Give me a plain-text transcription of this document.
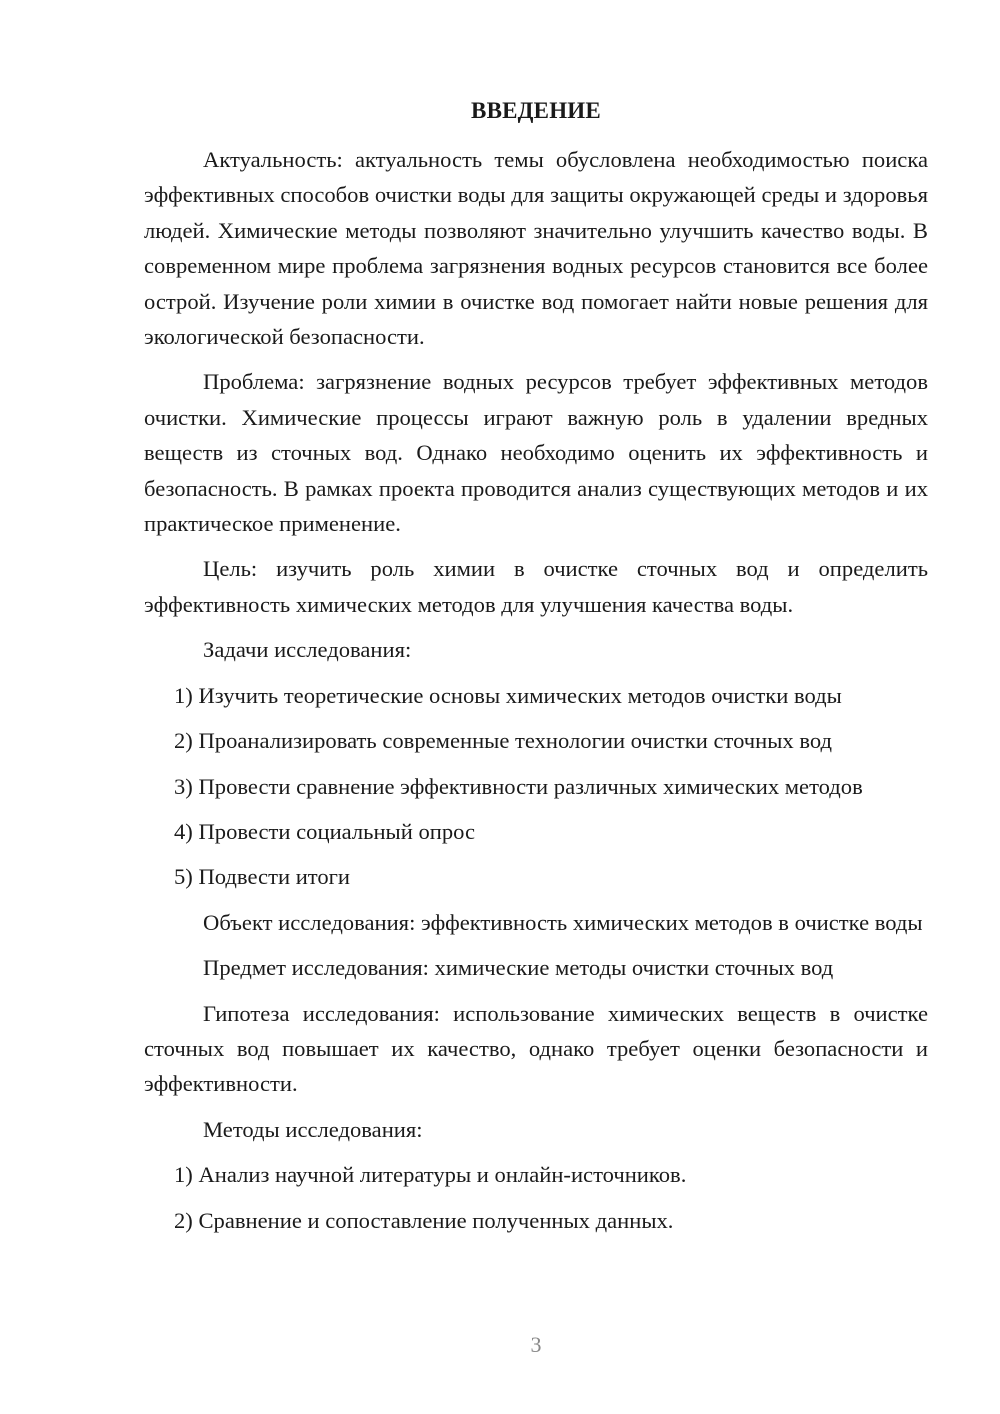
ВВЕДЕНИЕ

Актуальность: актуальность темы обусловлена необходимостью поиска эффективных способов очистки воды для защиты окружающей среды и здоровья людей. Химические методы позволяют значительно улучшить качество воды. В современном мире проблема загрязнения водных ресурсов становится все более острой. Изучение роли химии в очистке вод помогает найти новые решения для экологической безопасности.

Проблема: загрязнение водных ресурсов требует эффективных методов очистки. Химические процессы играют важную роль в удалении вредных веществ из сточных вод. Однако необходимо оценить их эффективность и безопасность. В рамках проекта проводится анализ существующих методов и их практическое применение.

Цель: изучить роль химии в очистке сточных вод и определить эффективность химических методов для улучшения качества воды.

Задачи исследования:

1) Изучить теоретические основы химических методов очистки воды

2) Проанализировать современные технологии очистки сточных вод

3) Провести сравнение эффективности различных химических методов

4) Провести социальный опрос

5) Подвести итоги

Объект исследования: эффективность химических методов в очистке воды

Предмет исследования: химические методы очистки сточных вод

Гипотеза исследования: использование химических веществ в очистке сточных вод повышает их качество, однако требует оценки безопасности и эффективности.

Методы исследования:

1) Анализ научной литературы и онлайн-источников.

2) Сравнение и сопоставление полученных данных.

3
